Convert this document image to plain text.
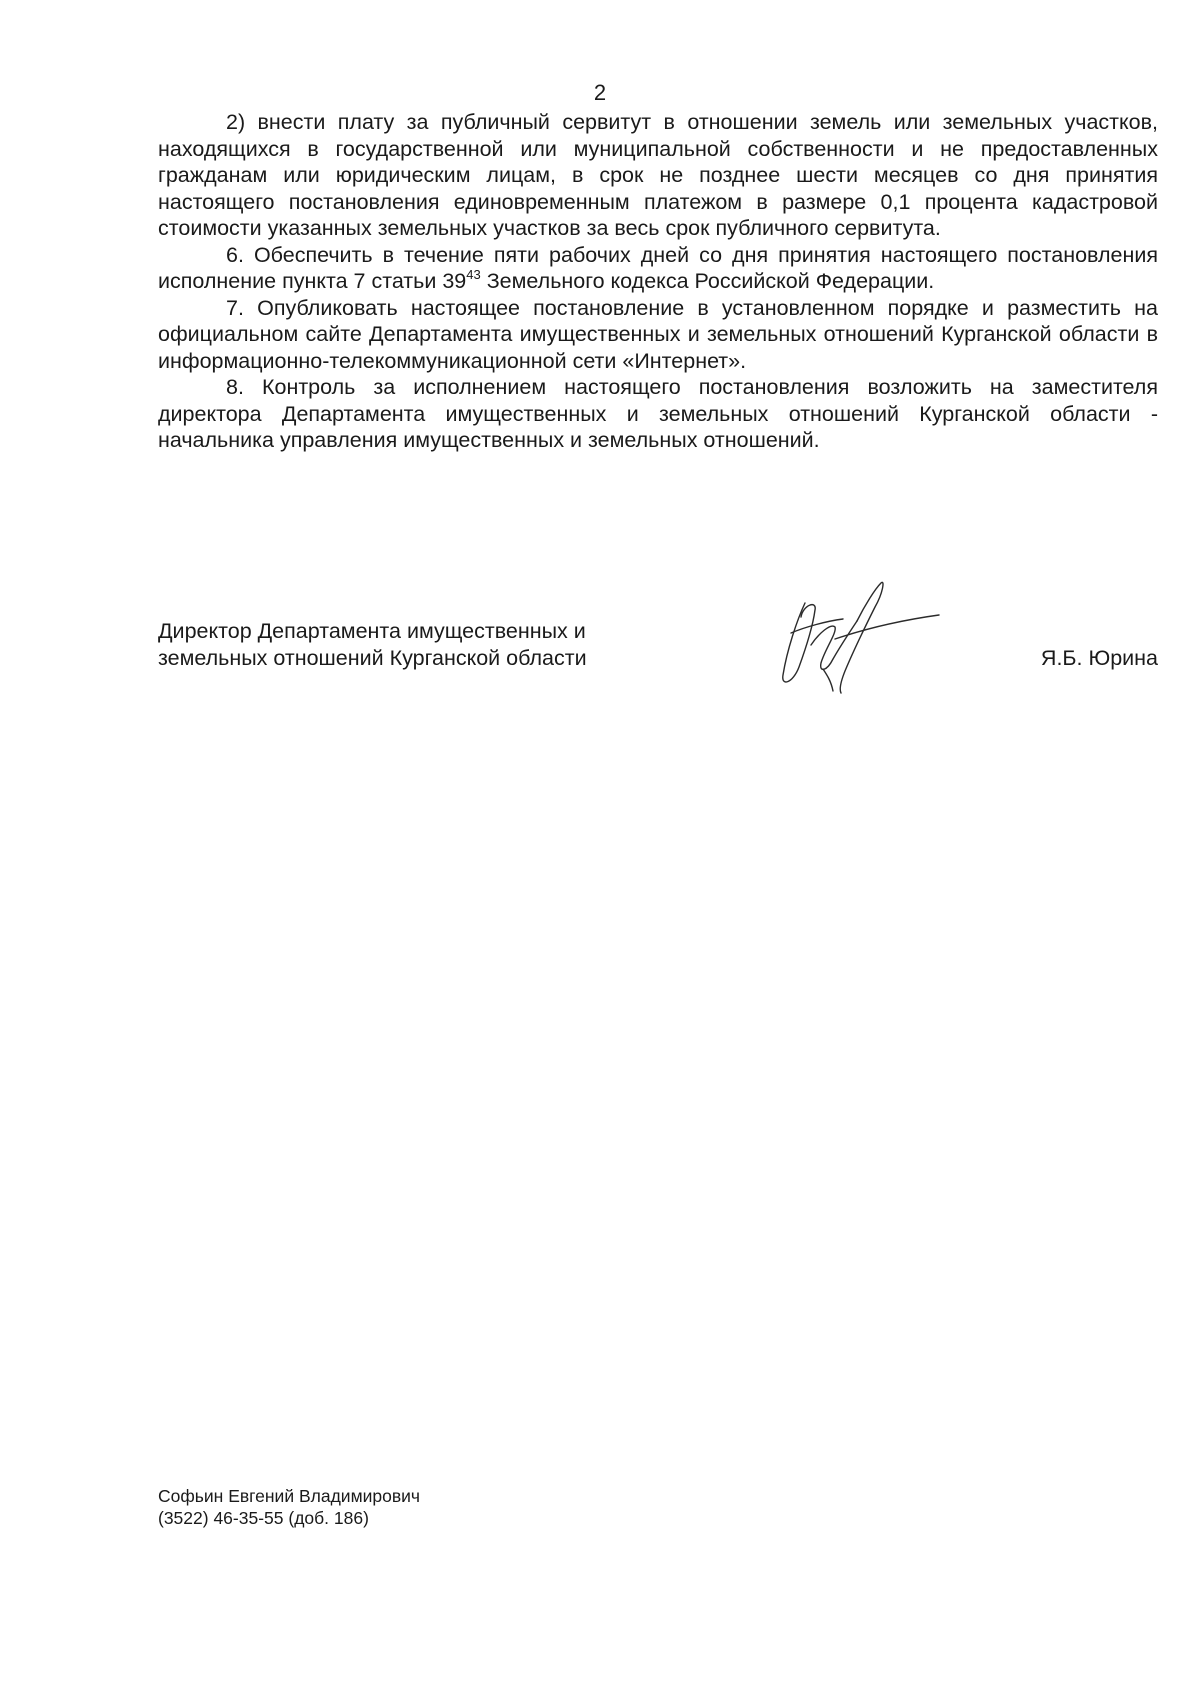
2

2) внести плату за публичный сервитут в отношении земель или земельных участков, находящихся в государственной или муниципальной собственности и не предоставленных гражданам или юридическим лицам, в срок не позднее шести месяцев со дня принятия настоящего постановления единовременным платежом в размере 0,1 процента кадастровой стоимости указанных земельных участков за весь срок публичного сервитута.

6. Обеспечить в течение пяти рабочих дней со дня принятия настоящего постановления исполнение пункта 7 статьи $39^{43}$ Земельного кодекса Российской Федерации.

7. Опубликовать настоящее постановление в установленном порядке и разместить на официальном сайте Департамента имущественных и земельных отношений Курганской области в информационно-телекоммуникационной сети «Интернет».

8. Контроль за исполнением настоящего постановления возложить на заместителя директора Департамента имущественных и земельных отношений Курганской области - начальника управления имущественных и земельных отношений.

Директор Департамента имущественных и
земельных отношений Курганской области	Я.Б. Юрина
Софьин Евгений Владимирович
(3522) 46-35-55 (доб. 186)
